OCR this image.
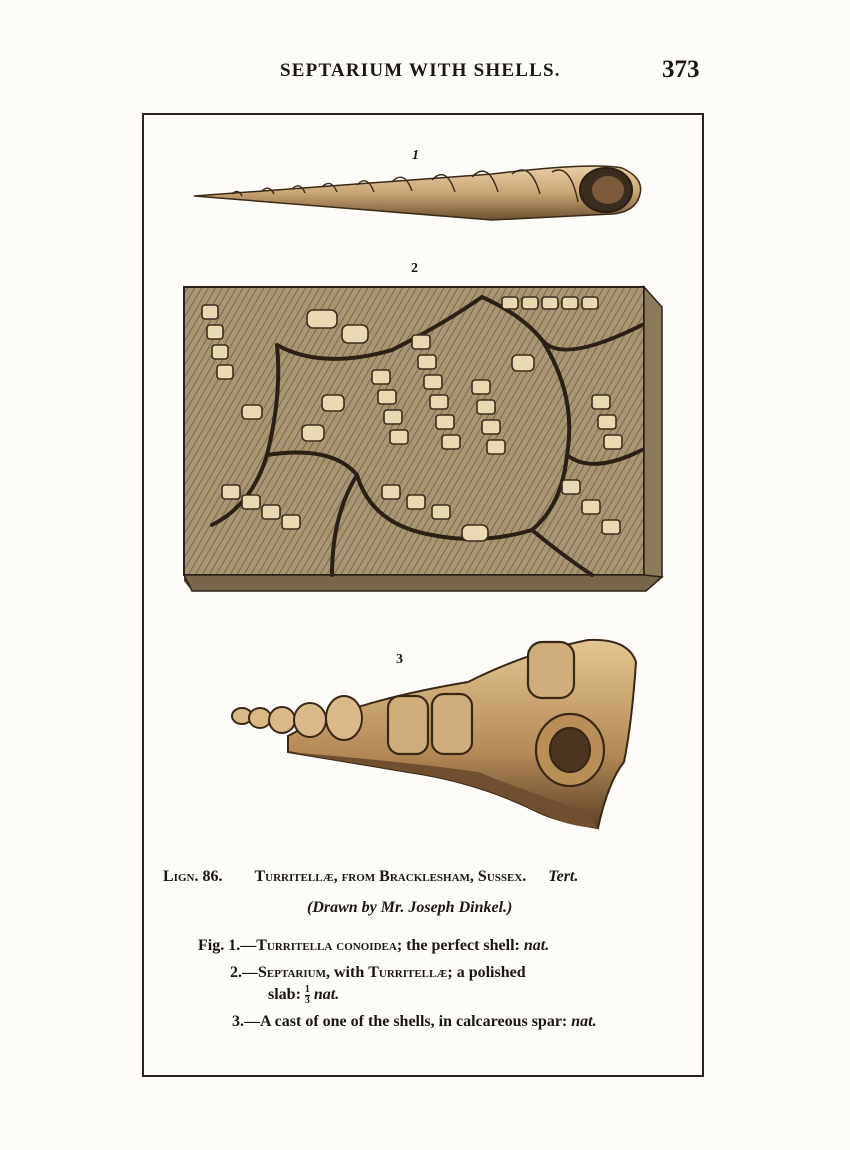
SEPTARIUM WITH SHELLS.	373
1
2
3
Lign. 86. Turritellæ, from Bracklesham, Sussex. Tert.
(Drawn by Mr. Joseph Dinkel.)
Fig. 1.—Turritella conoidea; the perfect shell: nat.
2.—Septarium, with Turritellæ; a polished
slab: $\frac{1}{3}$ nat.
3.—A cast of one of the shells, in calcareous spar: nat.
